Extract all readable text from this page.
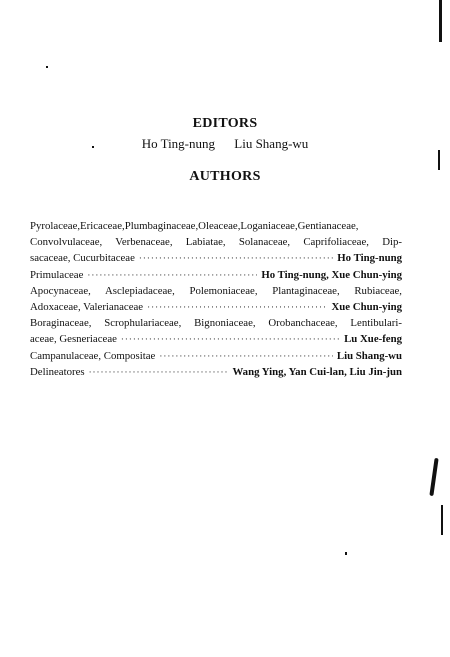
EDITORS
Ho Ting-nung Liu Shang-wu
AUTHORS
Pyrolaceae,Ericaceae,Plumbaginaceae,Oleaceae,Loganiaceae,Gentianaceae,
Convolvulaceae, Verbenaceae, Labiatae, Solanaceae, Caprifoliaceae, Dip-
sacaceae, Cucurbitaceae ·····	Ho Ting-nung
Primulaceae ·····	Ho Ting-nung, Xue Chun-ying
Apocynaceae, Asclepiadaceae, Polemoniaceae, Plantaginaceae, Rubiaceae,
Adoxaceae, Valerianaceae ·····	Xue Chun-ying
Boraginaceae, Scrophulariaceae, Bignoniaceae, Orobanchaceae, Lentibulari-
aceae, Gesneriaceae ·····	Lu Xue-feng
Campanulaceae, Compositae ·····	Liu Shang-wu
Delineatores ·····	Wang Ying, Yan Cui-lan, Liu Jin-jun
